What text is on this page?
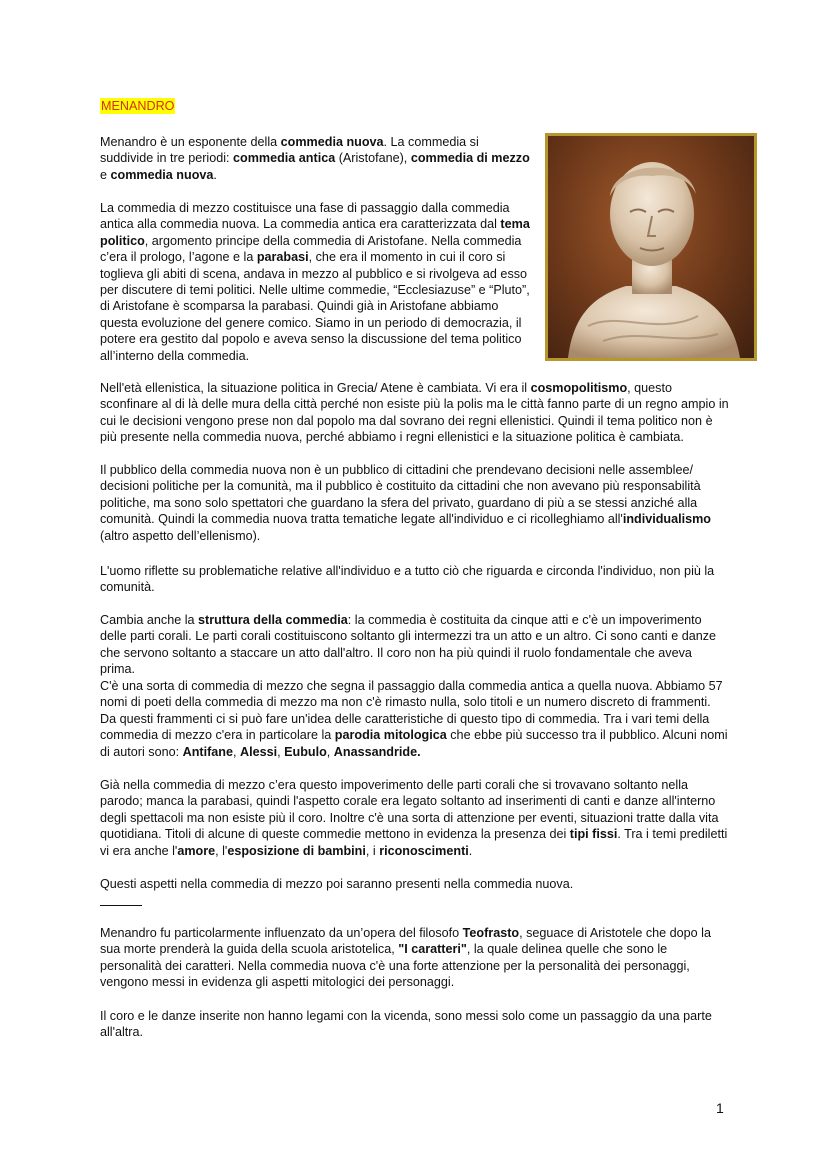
MENANDRO

Menandro è un esponente della commedia nuova. La commedia si suddivide in tre periodi: commedia antica (Aristofane), commedia di mezzo e commedia nuova.

La commedia di mezzo costituisce una fase di passaggio dalla commedia antica alla commedia nuova. La commedia antica era caratterizzata dal tema politico, argomento principe della commedia di Aristofane. Nella commedia c’era il prologo, l’agone e la parabasi, che era il momento in cui il coro si toglieva gli abiti di scena, andava in mezzo al pubblico e si rivolgeva ad esso per discutere di temi politici. Nelle ultime commedie, “Ecclesiazuse” e “Pluto”, di Aristofane è scomparsa la parabasi. Quindi già in Aristofane abbiamo questa evoluzione del genere comico. Siamo in un periodo di democrazia, il potere era gestito dal popolo e aveva senso la discussione del tema politico all’interno della commedia.

Nell'età ellenistica, la situazione politica in Grecia/ Atene è cambiata. Vi era il cosmopolitismo, questo sconfinare al di là delle mura della città perché non esiste più la polis ma le città fanno parte di un regno ampio in cui le decisioni vengono prese non dal popolo ma dal sovrano dei regni ellenistici. Quindi il tema politico non è più presente nella commedia nuova, perché abbiamo i regni ellenistici e la situazione politica è cambiata.

Il pubblico della commedia nuova non è un pubblico di cittadini che prendevano decisioni nelle assemblee/ decisioni politiche per la comunità, ma il pubblico è costituito da cittadini che non avevano più responsabilità politiche, ma sono solo spettatori che guardano la sfera del privato, guardano di più a se stessi anziché alla comunità. Quindi la commedia nuova tratta tematiche legate all'individuo e ci ricolleghiamo all'individualismo (altro aspetto dell’ellenismo).

L'uomo riflette su problematiche relative all'individuo e a tutto ciò che riguarda e circonda l'individuo, non più la comunità.

Cambia anche la struttura della commedia: la commedia è costituita da cinque atti e c'è un impoverimento delle parti corali. Le parti corali costituiscono soltanto gli intermezzi tra un atto e un altro. Ci sono canti e danze che servono soltanto a staccare un atto dall'altro. Il coro non ha più quindi il ruolo fondamentale che aveva prima.

C'è una sorta di commedia di mezzo che segna il passaggio dalla commedia antica a quella nuova. Abbiamo 57 nomi di poeti della commedia di mezzo ma non c'è rimasto nulla, solo titoli e un numero discreto di frammenti. Da questi frammenti ci si può fare un'idea delle caratteristiche di questo tipo di commedia. Tra i vari temi della commedia di mezzo c'era in particolare la parodia mitologica che ebbe più successo tra il pubblico. Alcuni nomi di autori sono: Antifane, Alessi, Eubulo, Anassandride.

Già nella commedia di mezzo c’era questo impoverimento delle parti corali che si trovavano soltanto nella parodo; manca la parabasi, quindi l'aspetto corale era legato soltanto ad inserimenti di canti e danze all'interno degli spettacoli ma non esiste più il coro. Inoltre c'è una sorta di attenzione per eventi, situazioni tratte dalla vita quotidiana. Titoli di alcune di queste commedie mettono in evidenza la presenza dei tipi fissi. Tra i temi prediletti vi era anche l'amore, l'esposizione di bambini, i riconoscimenti.

Questi aspetti nella commedia di mezzo poi saranno presenti nella commedia nuova.

Menandro fu particolarmente influenzato da un’opera del filosofo Teofrasto, seguace di Aristotele che dopo la sua morte prenderà la guida della scuola aristotelica, "I caratteri", la quale delinea quelle che sono le personalità dei caratteri. Nella commedia nuova c'è una forte attenzione per la personalità dei personaggi, vengono messi in evidenza gli aspetti mitologici dei personaggi.

Il coro e le danze inserite non hanno legami con la vicenda, sono messi solo come un passaggio da una parte all'altra.

1
